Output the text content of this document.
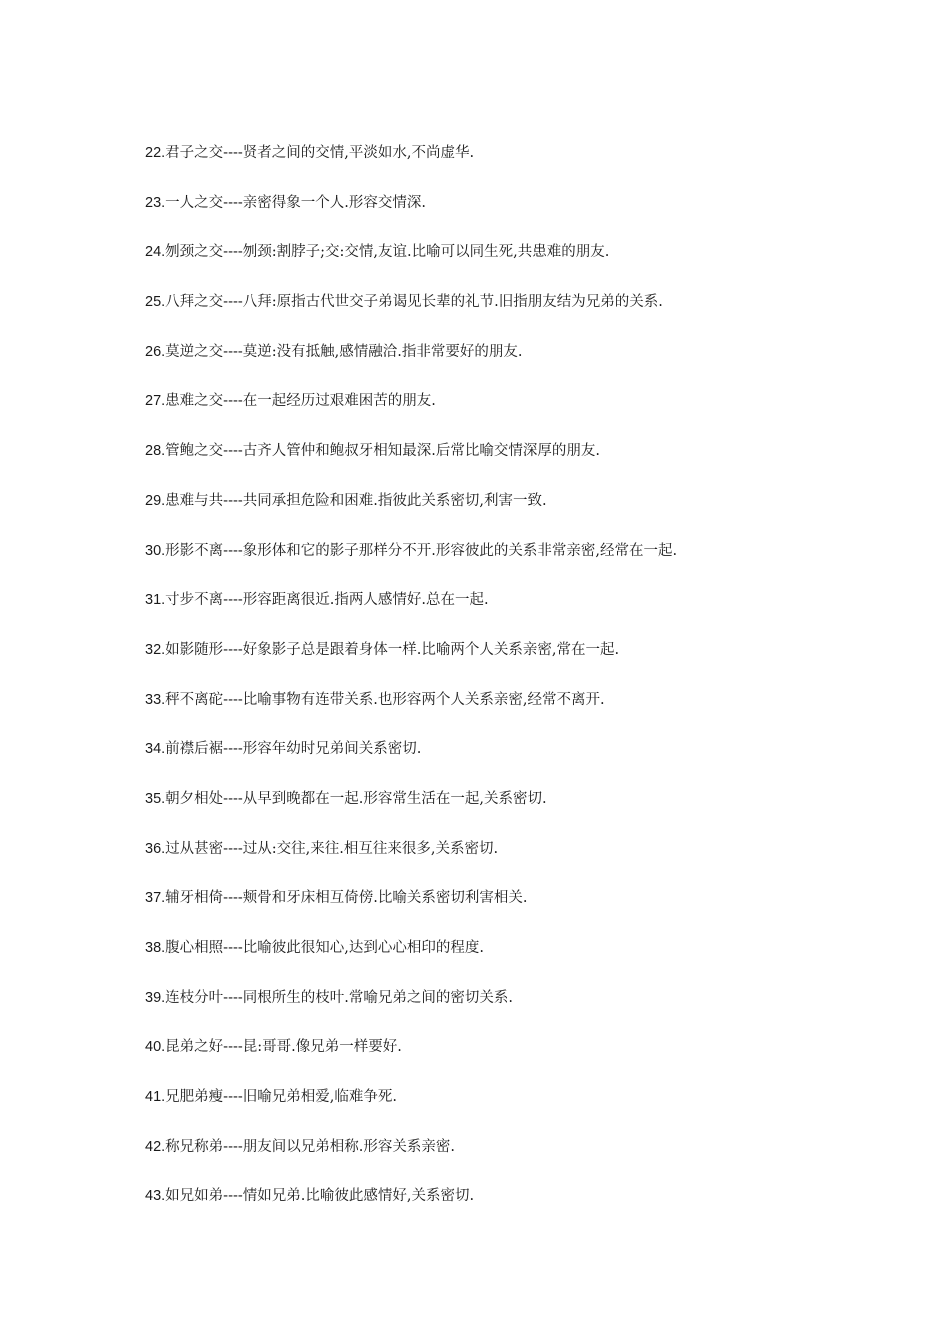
22.君子之交----贤者之间的交情,平淡如水,不尚虚华.
23.一人之交----亲密得象一个人.形容交情深.
24.刎颈之交----刎颈:割脖子;交:交情,友谊.比喻可以同生死,共患难的朋友.
25.八拜之交----八拜:原指古代世交子弟谒见长辈的礼节.旧指朋友结为兄弟的关系.
26.莫逆之交----莫逆:没有抵触,感情融洽.指非常要好的朋友.
27.患难之交----在一起经历过艰难困苦的朋友.
28.管鲍之交----古齐人管仲和鲍叔牙相知最深.后常比喻交情深厚的朋友.
29.患难与共----共同承担危险和困难.指彼此关系密切,利害一致.
30.形影不离----象形体和它的影子那样分不开.形容彼此的关系非常亲密,经常在一起.
31.寸步不离----形容距离很近.指两人感情好.总在一起.
32.如影随形----好象影子总是跟着身体一样.比喻两个人关系亲密,常在一起.
33.秤不离砣----比喻事物有连带关系.也形容两个人关系亲密,经常不离开.
34.前襟后裾----形容年幼时兄弟间关系密切.
35.朝夕相处----从早到晚都在一起.形容常生活在一起,关系密切.
36.过从甚密----过从:交往,来往.相互往来很多,关系密切.
37.辅牙相倚----颊骨和牙床相互倚傍.比喻关系密切利害相关.
38.腹心相照----比喻彼此很知心,达到心心相印的程度.
39.连枝分叶----同根所生的枝叶.常喻兄弟之间的密切关系.
40.昆弟之好----昆:哥哥.像兄弟一样要好.
41.兄肥弟瘦----旧喻兄弟相爱,临难争死.
42.称兄称弟----朋友间以兄弟相称.形容关系亲密.
43.如兄如弟----情如兄弟.比喻彼此感情好,关系密切.
